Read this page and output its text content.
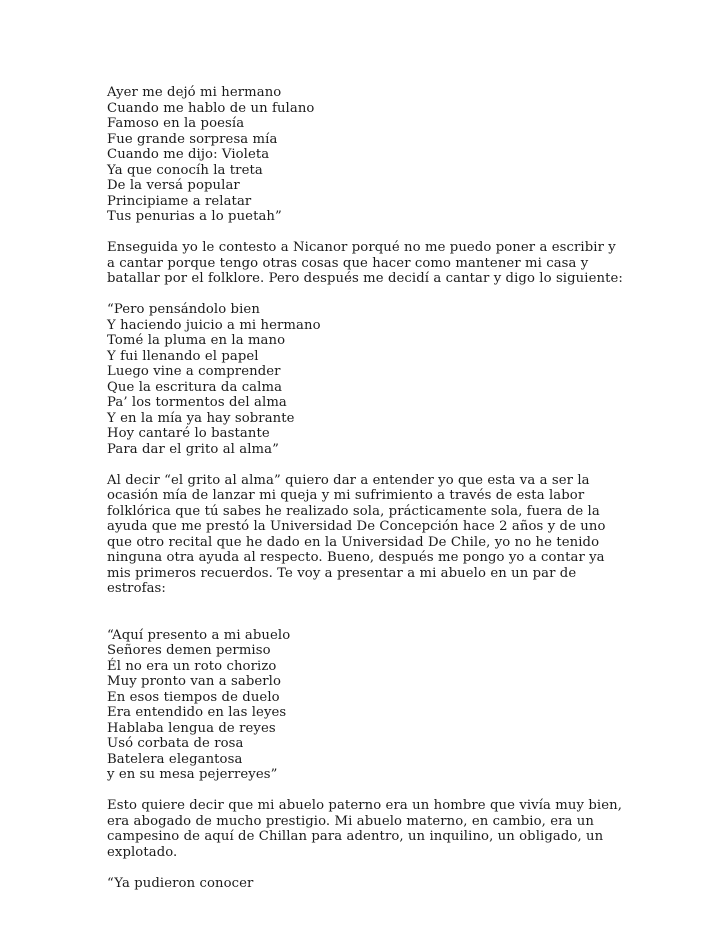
Ayer me dejó mi hermano
Cuando me hablo de un fulano
Famoso en la poesía
Fue grande sorpresa mía
Cuando me dijo: Violeta
Ya que conocíh la treta
De la versá popular
Principiame a relatar
Tus penurias a lo puetah”

Enseguida yo le contesto a Nicanor porqué no me puedo poner a escribir y a cantar porque tengo otras cosas que hacer como mantener mi casa y batallar por el folklore. Pero después me decidí a cantar y digo lo siguiente:

“Pero pensándolo bien
Y haciendo juicio a mi hermano
Tomé la pluma en la mano
Y fui llenando el papel
Luego vine a comprender
Que la escritura da calma
Pa’ los tormentos del alma
Y en la mía ya hay sobrante
Hoy cantaré lo bastante
Para dar el grito al alma”

Al decir “el grito al alma” quiero dar a entender yo que esta va a ser la ocasión mía de lanzar mi queja y mi sufrimiento a través de esta labor folklórica que tú sabes he realizado sola, prácticamente sola, fuera de la ayuda que me prestó la Universidad De Concepción hace 2 años y de uno que otro recital que he dado en la Universidad De Chile, yo no he tenido ninguna otra ayuda al respecto. Bueno, después me pongo yo a contar ya mis primeros recuerdos. Te voy a presentar a mi abuelo en un par de estrofas:

“Aquí presento a mi abuelo
Señores demen permiso
Él no era un roto chorizo
Muy pronto van a saberlo
En esos tiempos de duelo
Era entendido en las leyes
Hablaba lengua de reyes
Usó corbata de rosa
Batelera elegantosa
y en su mesa pejerreyes”

Esto quiere decir que mi abuelo paterno era un hombre que vivía muy bien, era abogado de mucho prestigio. Mi abuelo materno, en cambio, era un campesino de aquí de Chillan para adentro, un inquilino, un obligado, un explotado.

“Ya pudieron conocer
